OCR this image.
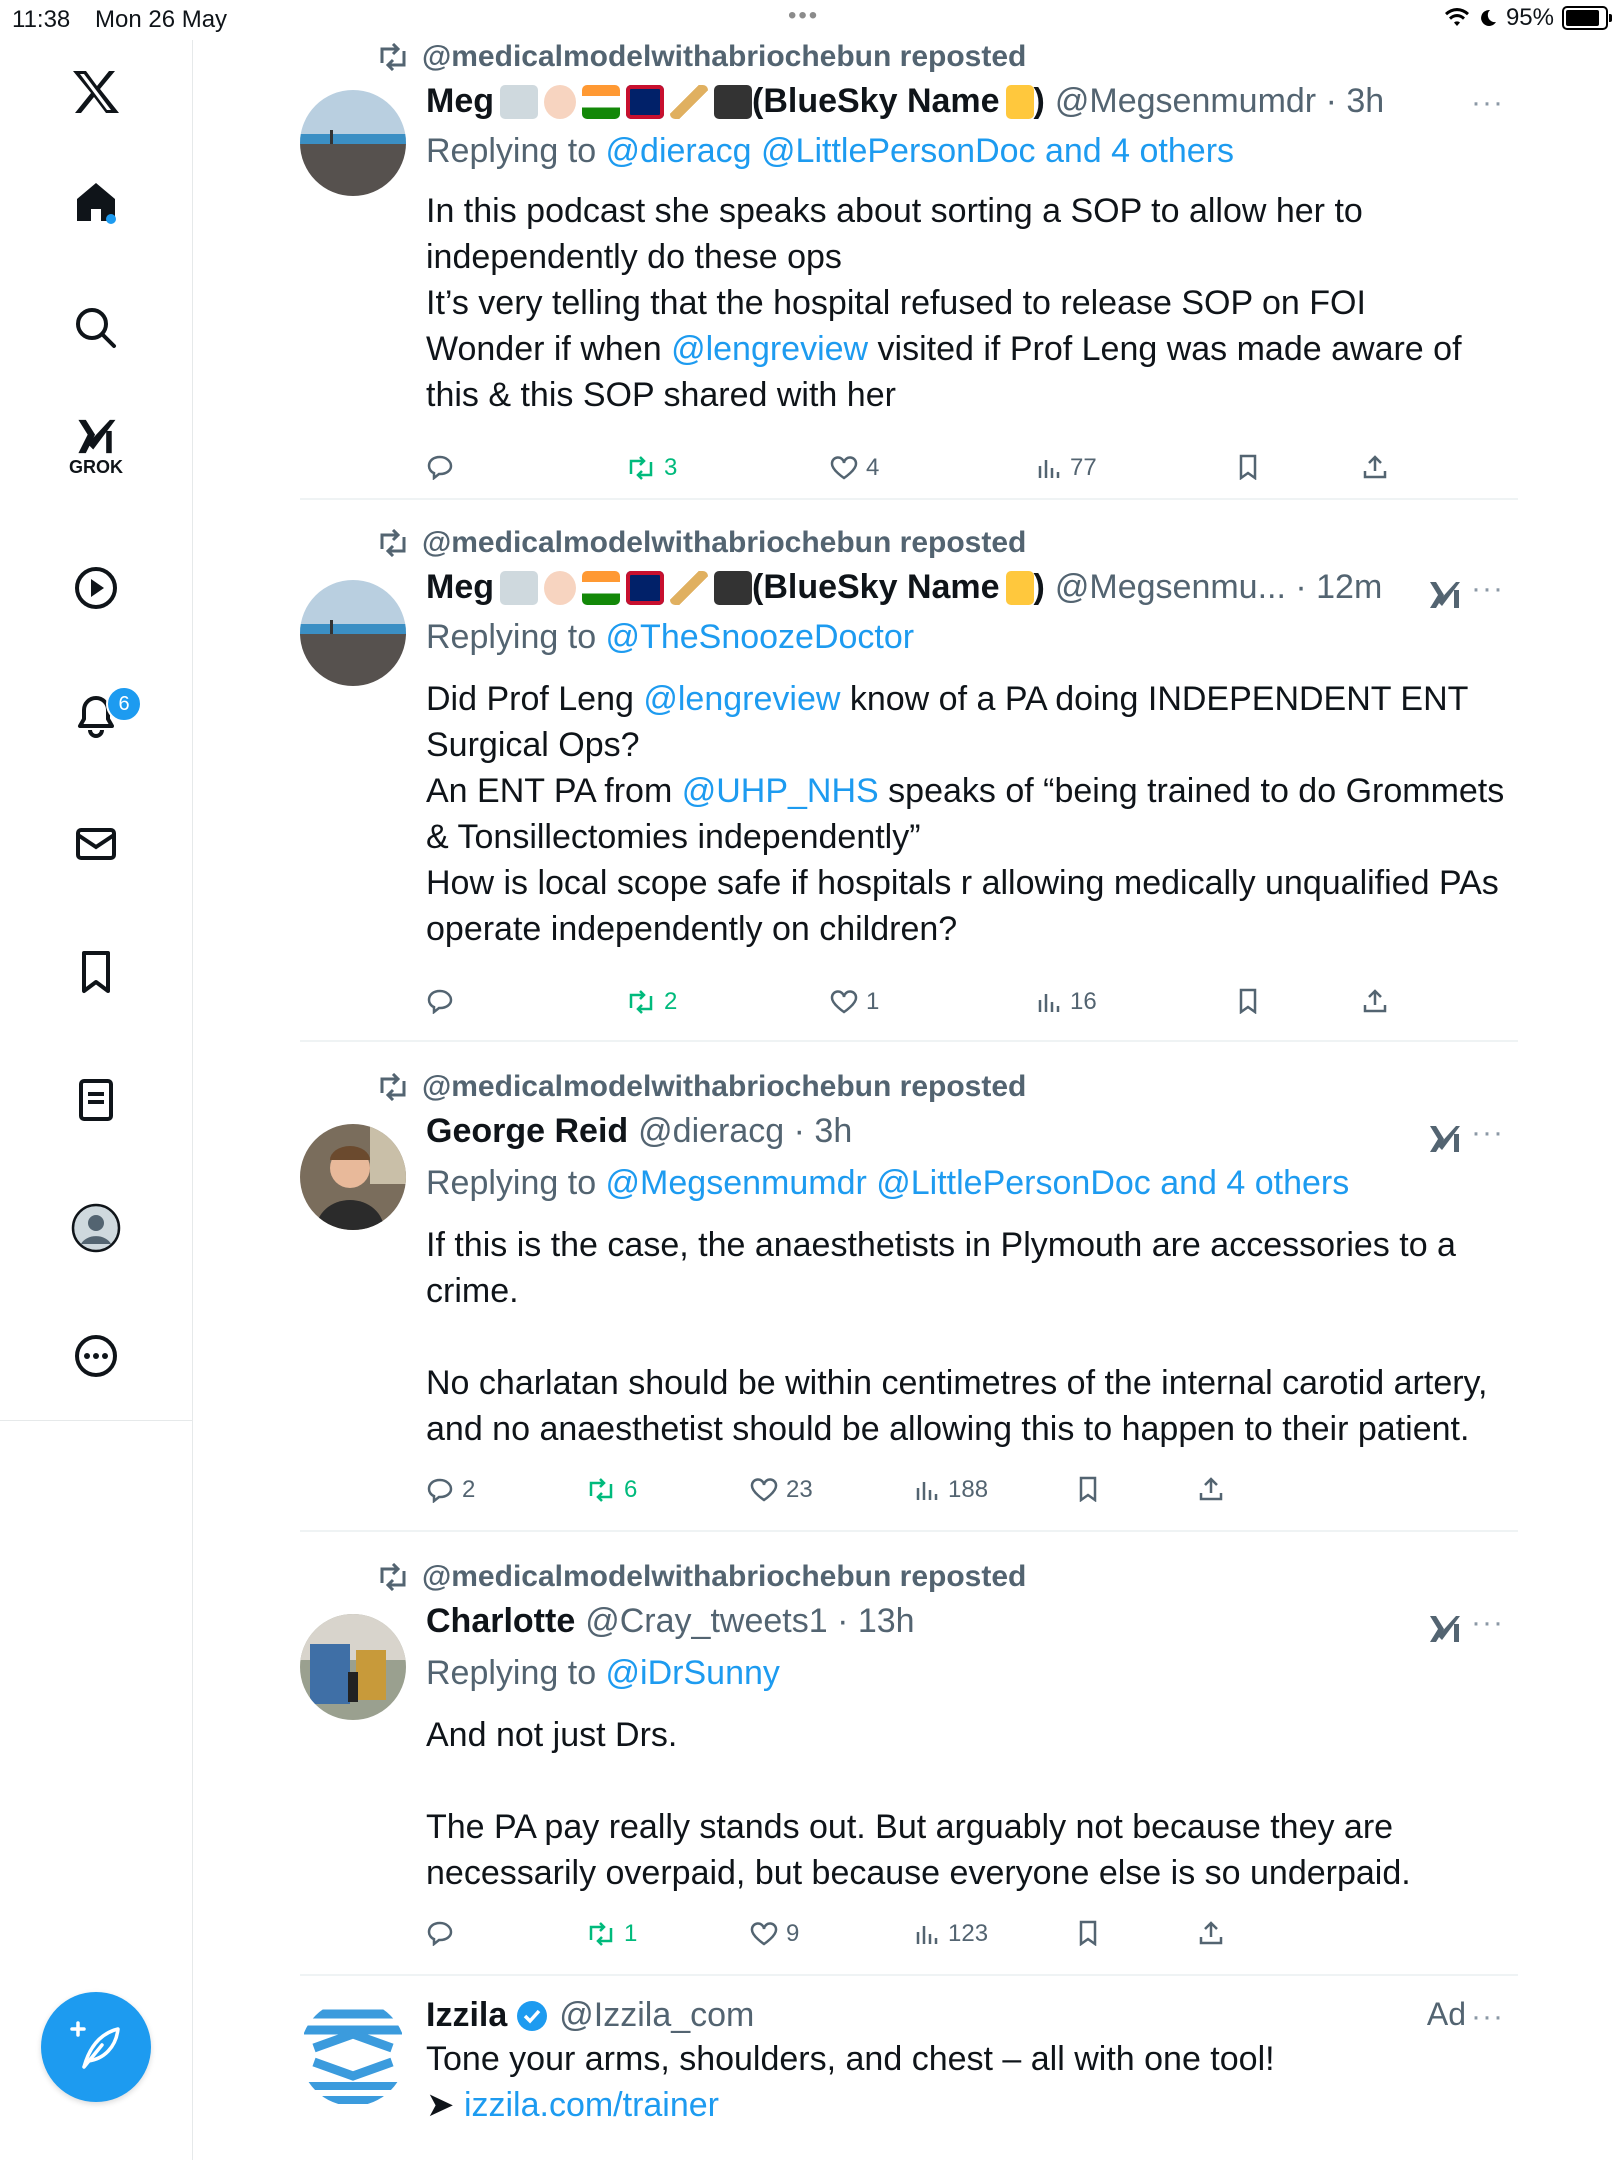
11:38 Mon 26 May	•••	95%
GROK
6
@medicalmodelwithabriochebun reposted
Meg	(BlueSky Name ) @Megsenmumdr · 3h	···
Replying to @dieracg @LittlePersonDoc and 4 others

In this podcast she speaks about sorting a SOP to allow her to

independently do these ops

It’s very telling that the hospital refused to release SOP on FOI

Wonder if when @lengreview visited if Prof Leng was made aware of

this & this SOP shared with her

3	4	77
@medicalmodelwithabriochebun reposted
Meg	(BlueSky Name ) @Megsenmu... · 12m	···
Replying to @TheSnoozeDoctor

Did Prof Leng @lengreview know of a PA doing INDEPENDENT ENT

Surgical Ops?

An ENT PA from @UHP_NHS speaks of “being trained to do Grommets

& Tonsillectomies independently”

How is local scope safe if hospitals r allowing medically unqualified PAs

operate independently on children?

2	1	16
@medicalmodelwithabriochebun reposted
George Reid @dieracg · 3h	···
Replying to @Megsenmumdr @LittlePersonDoc and 4 others

If this is the case, the anaesthetists in Plymouth are accessories to a

crime.

No charlatan should be within centimetres of the internal carotid artery,

and no anaesthetist should be allowing this to happen to their patient.

2	6	23	188
@medicalmodelwithabriochebun reposted
Charlotte @Cray_tweets1 · 13h	···
Replying to @iDrSunny

And not just Drs.

The PA pay really stands out. But arguably not because they are

necessarily overpaid, but because everyone else is so underpaid.

1	9	123
Izzila @Izzila_com	Ad ···

Tone your arms, shoulders, and chest – all with one tool!

➤ izzila.com/trainer
